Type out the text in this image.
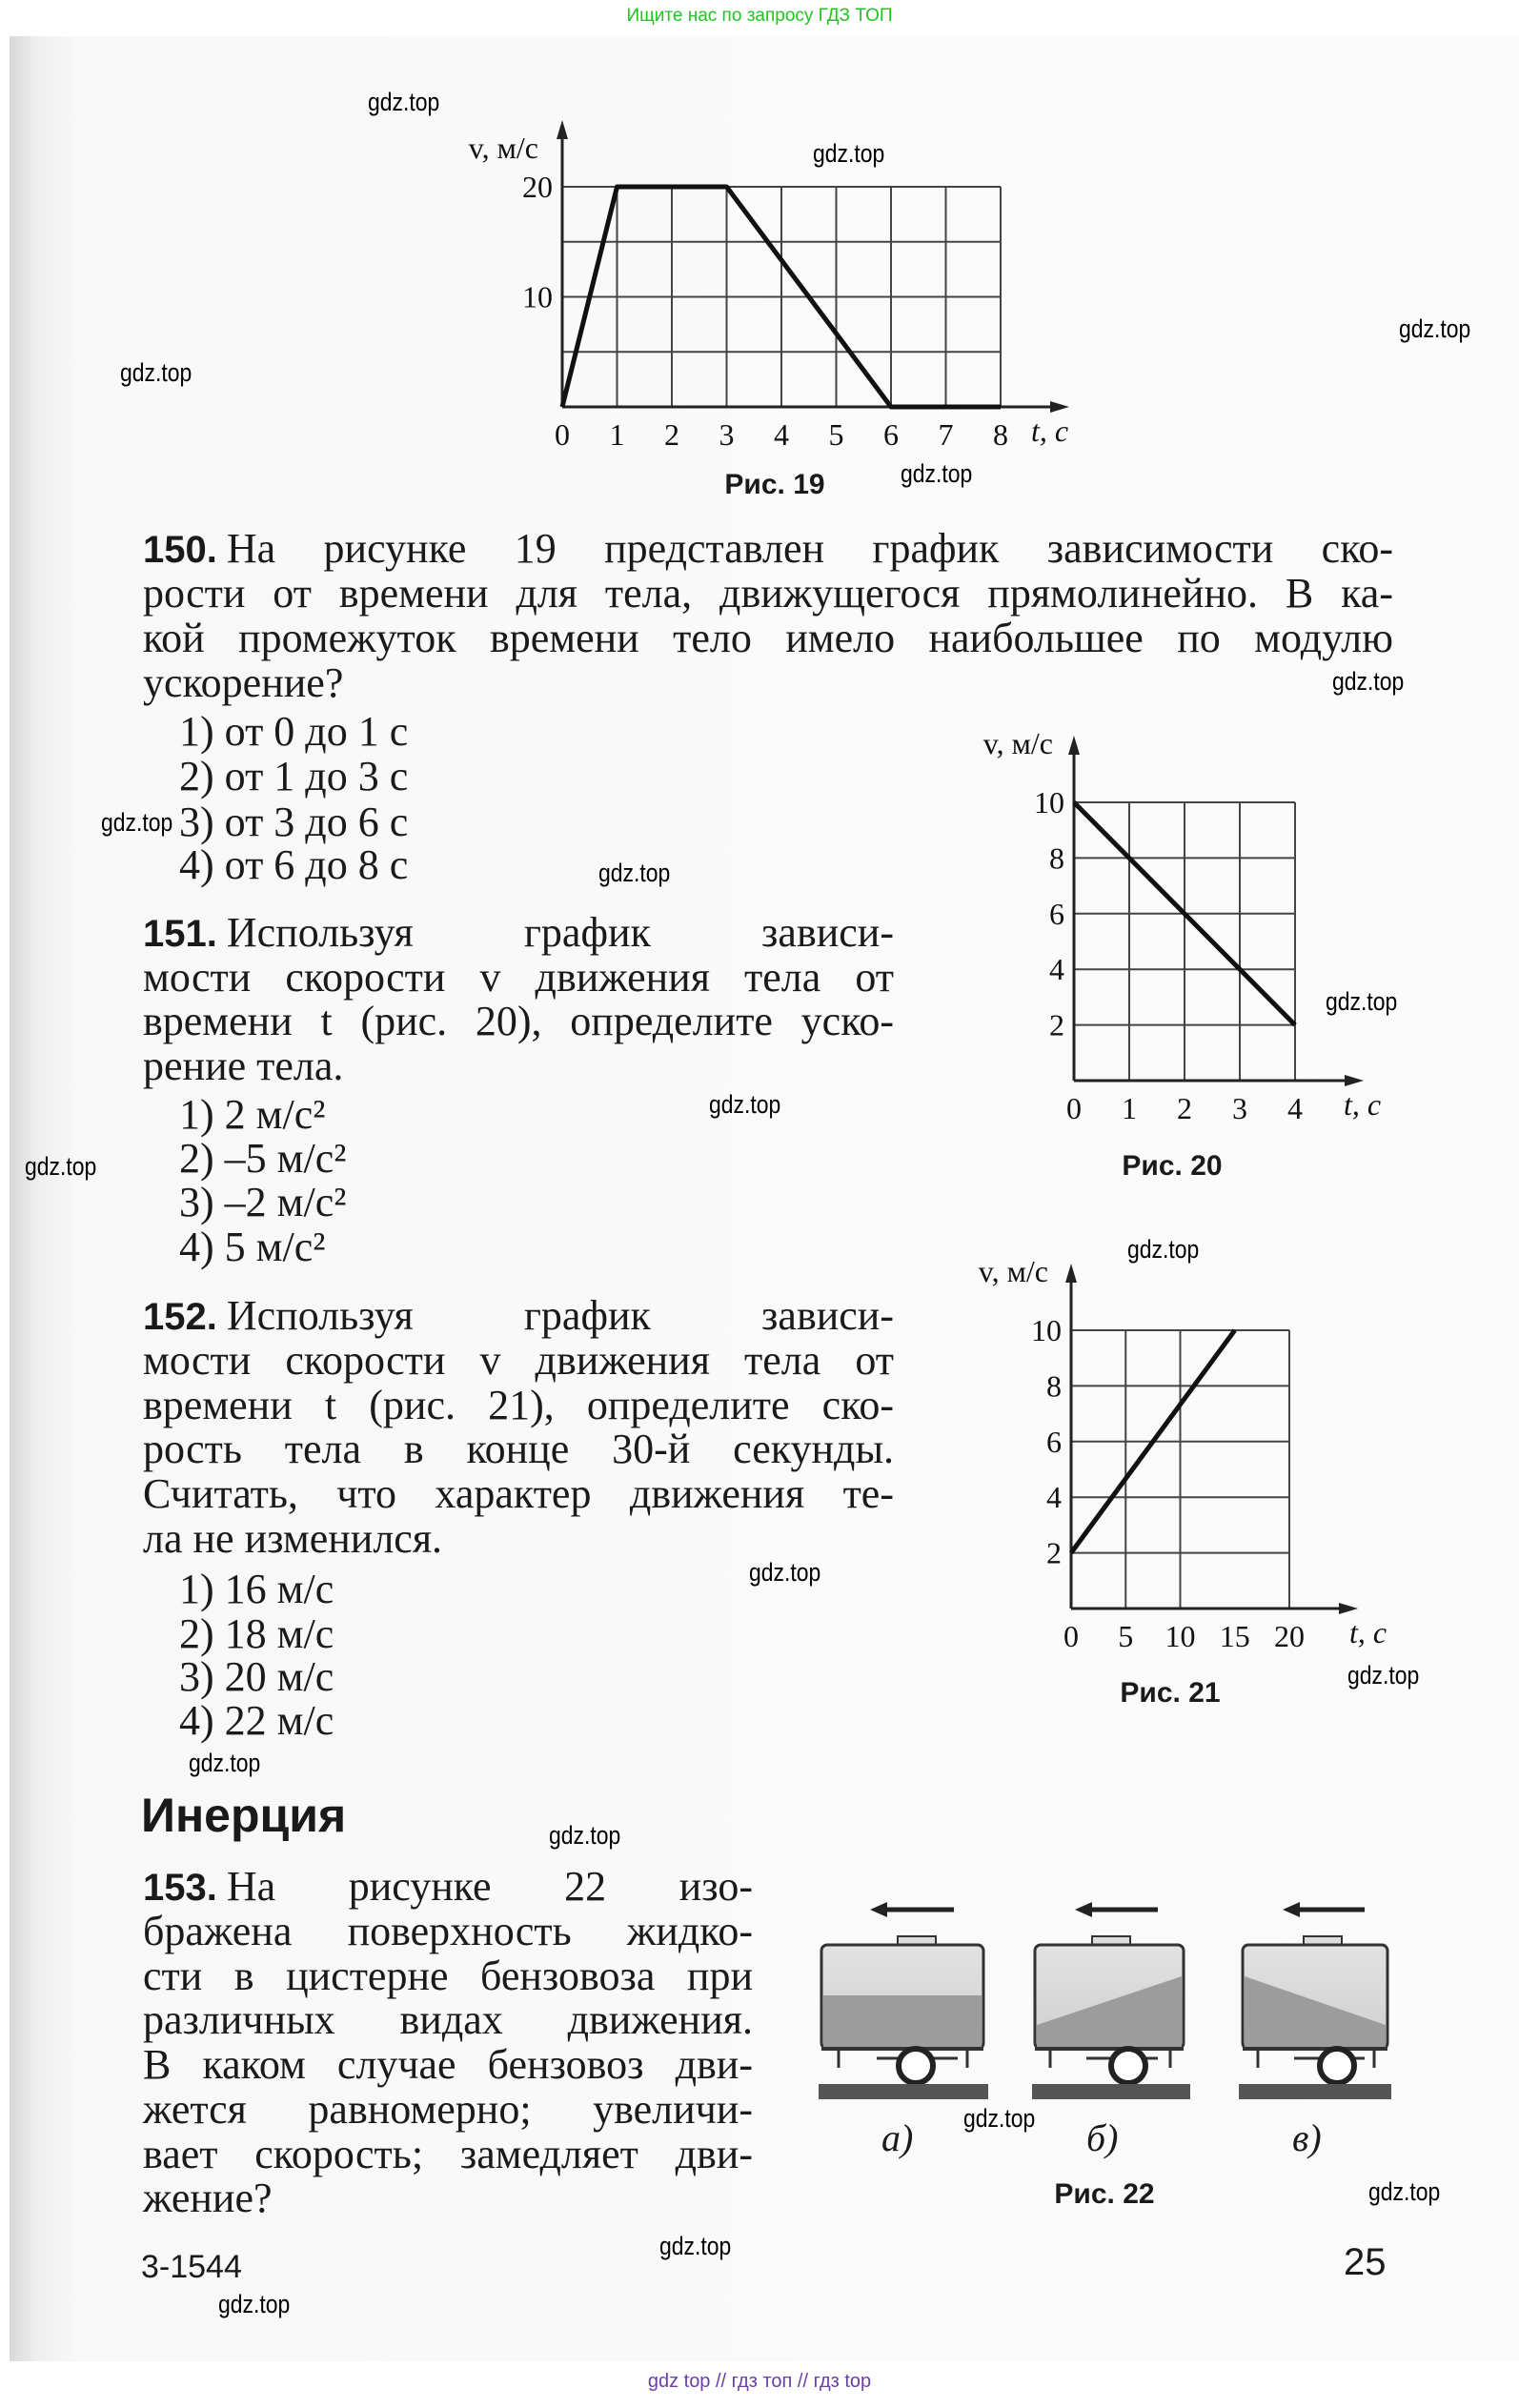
Ищите нас по запросу ГДЗ ТОП
150. На рисунке 19 представлен график зависимости ско-
рости от времени для тела, движущегося прямолинейно. В ка-
кой промежуток времени тело имело наибольшее по модулю
ускорение?
1) от 0 до 1 с
2) от 1 до 3 с
3) от 3 до 6 с
4) от 6 до 8 с
151. Используя график зависи-
мости скорости v движения тела от
времени t (рис. 20), определите уско-
рение тела.
1) 2 м/с²
2) –5 м/с²
3) –2 м/с²
4) 5 м/с²
152. Используя график зависи-
мости скорости v движения тела от
времени t (рис. 21), определите ско-
рость тела в конце 30-й секунды.
Считать, что характер движения те-
ла не изменился.
1) 16 м/с
2) 18 м/с
3) 20 м/с
4) 22 м/с
Инерция
153. На рисунке 22 изо-
бражена поверхность жидко-
сти в цистерне бензовоза при
различных видах движения.
В каком случае бензовоз дви-
жется равномерно; увеличи-
вает скорость; замедляет дви-
жение?
Рис. 19
Рис. 20
Рис. 21
0 1 2 3 4 5 6 7 8
10
20
v, м/с
t, с
0 1 2 3 4
2
4
6
8
10
v, м/с
t, с
0 5 10 15 20
2
4
6
8
10
v, м/с
t, с
а)	б)	в)
Рис. 22
3-1544	25
gdz top // гдз топ // гдз top
gdz.top
gdz.top
gdz.top
gdz.top
gdz.top
gdz.top
gdz.top
gdz.top
gdz.top
gdz.top
gdz.top
gdz.top
gdz.top
gdz.top
gdz.top
gdz.top
gdz.top
gdz.top
gdz.top
gdz.top
